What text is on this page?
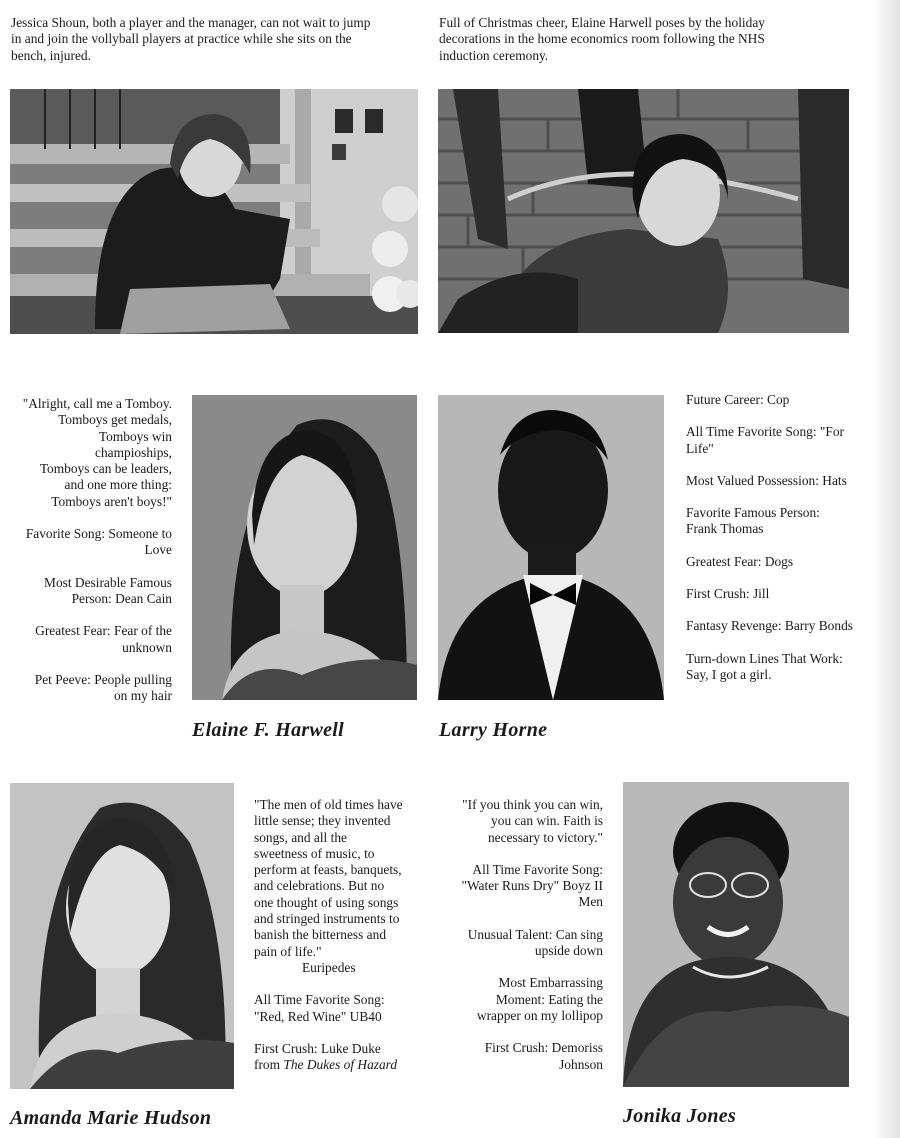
Jessica Shoun, both a player and the manager, can not wait to jump
in and join the vollyball players at practice while she sits on the
bench, injured.
Full of Christmas cheer, Elaine Harwell poses by the holiday
decorations in the home economics room following the NHS
induction ceremony.

"Alright, call me a Tomboy.
Tomboys get medals,
Tomboys win
champioships,
Tomboys can be leaders,
and one more thing:
Tomboys aren't boys!"

Favorite Song: Someone to
Love

Most Desirable Famous
Person: Dean Cain

Greatest Fear: Fear of the
unknown

Pet Peeve: People pulling
on my hair

Elaine F. Harwell

Future Career: Cop

All Time Favorite Song: "For
Life"

Most Valued Possession: Hats

Favorite Famous Person:
Frank Thomas

Greatest Fear: Dogs

First Crush: Jill

Fantasy Revenge: Barry Bonds

Turn-down Lines That Work:
Say, I got a girl.

Larry Horne
"The men of old times have
little sense; they invented
songs, and all the
sweetness of music, to
perform at feasts, banquets,
and celebrations. But no
one thought of using songs
and stringed instruments to
banish the bitterness and
pain of life."
Euripedes

All Time Favorite Song:
"Red, Red Wine" UB40

First Crush: Luke Duke
from The Dukes of Hazard

Amanda Marie Hudson

"If you think you can win,
you can win. Faith is
necessary to victory."

All Time Favorite Song:
"Water Runs Dry" Boyz II
Men

Unusual Talent: Can sing
upside down

Most Embarrassing
Moment: Eating the
wrapper on my lollipop

First Crush: Demoriss
Johnson

Jonika Jones
